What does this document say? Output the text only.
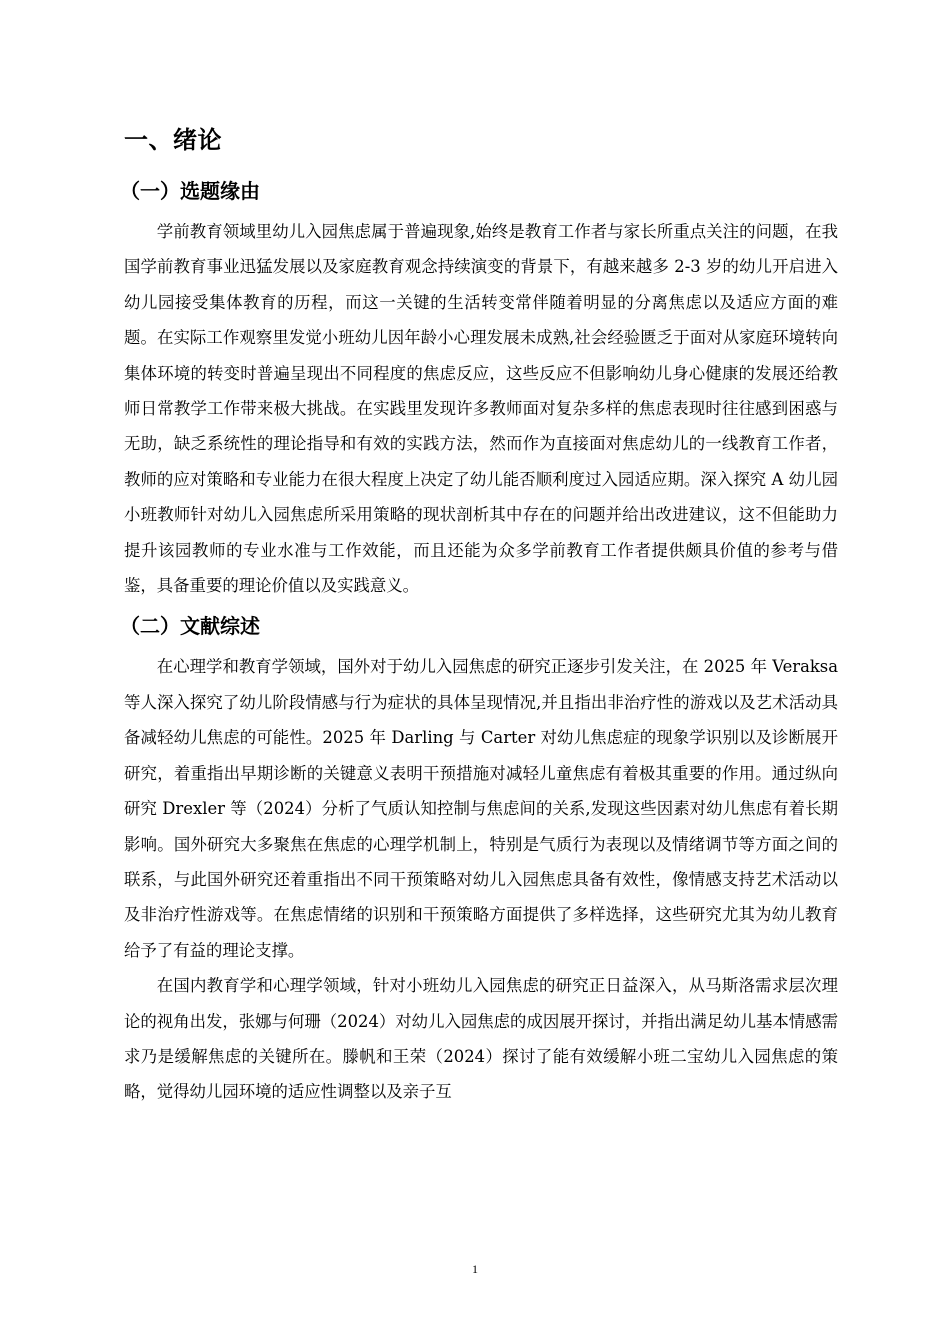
一、绪论
（一）选题缘由

学前教育领域里幼儿入园焦虑属于普遍现象,始终是教育工作者与家长所重点关注的问题，在我国学前教育事业迅猛发展以及家庭教育观念持续演变的背景下，有越来越多 2-3 岁的幼儿开启进入幼儿园接受集体教育的历程，而这一关键的生活转变常伴随着明显的分离焦虑以及适应方面的难题。在实际工作观察里发觉小班幼儿因年龄小心理发展未成熟,社会经验匮乏于面对从家庭环境转向集体环境的转变时普遍呈现出不同程度的焦虑反应，这些反应不但影响幼儿身心健康的发展还给教师日常教学工作带来极大挑战。在实践里发现许多教师面对复杂多样的焦虑表现时往往感到困惑与无助，缺乏系统性的理论指导和有效的实践方法，然而作为直接面对焦虑幼儿的一线教育工作者，教师的应对策略和专业能力在很大程度上决定了幼儿能否顺利度过入园适应期。深入探究 A 幼儿园小班教师针对幼儿入园焦虑所采用策略的现状剖析其中存在的问题并给出改进建议，这不但能助力提升该园教师的专业水准与工作效能，而且还能为众多学前教育工作者提供颇具价值的参考与借鉴，具备重要的理论价值以及实践意义。

（二）文献综述

在心理学和教育学领域，国外对于幼儿入园焦虑的研究正逐步引发关注，在 2025 年 Veraksa 等人深入探究了幼儿阶段情感与行为症状的具体呈现情况,并且指出非治疗性的游戏以及艺术活动具备减轻幼儿焦虑的可能性。2025 年 Darling 与 Carter 对幼儿焦虑症的现象学识别以及诊断展开研究，着重指出早期诊断的关键意义表明干预措施对减轻儿童焦虑有着极其重要的作用。通过纵向研究 Drexler 等（2024）分析了气质认知控制与焦虑间的关系,发现这些因素对幼儿焦虑有着长期影响。国外研究大多聚焦在焦虑的心理学机制上，特别是气质行为表现以及情绪调节等方面之间的联系，与此国外研究还着重指出不同干预策略对幼儿入园焦虑具备有效性，像情感支持艺术活动以及非治疗性游戏等。在焦虑情绪的识别和干预策略方面提供了多样选择，这些研究尤其为幼儿教育给予了有益的理论支撑。

在国内教育学和心理学领域，针对小班幼儿入园焦虑的研究正日益深入，从马斯洛需求层次理论的视角出发，张娜与何珊（2024）对幼儿入园焦虑的成因展开探讨，并指出满足幼儿基本情感需求乃是缓解焦虑的关键所在。滕帆和王荣（2024）探讨了能有效缓解小班二宝幼儿入园焦虑的策略，觉得幼儿园环境的适应性调整以及亲子互

1
